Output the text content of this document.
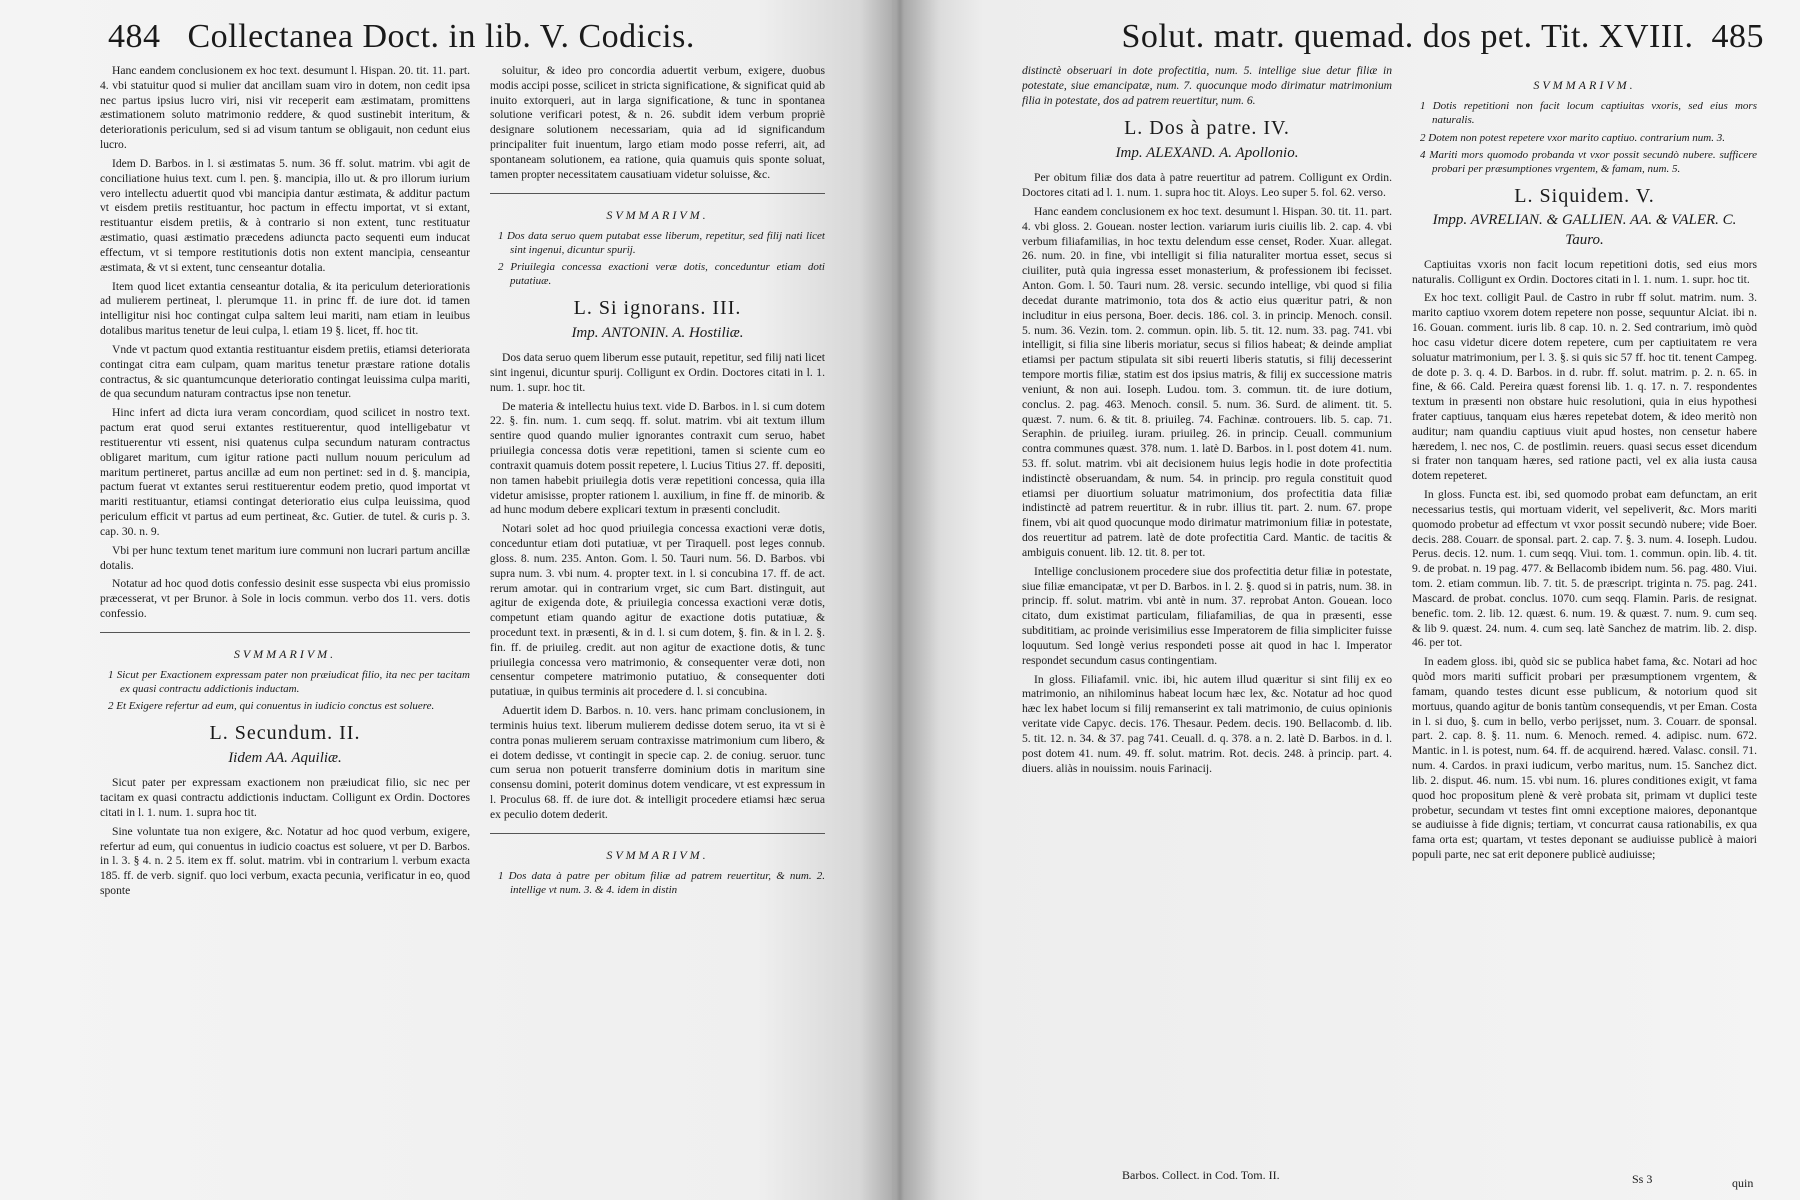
484 Collectanea Doct. in lib. V. Codicis.

Hanc eandem conclusionem ex hoc text. desumunt l. Hispan. 20. tit. 11. part. 4. vbi statuitur quod si mulier dat ancillam suam viro in dotem, non cedit ipsa nec partus ipsius lucro viri, nisi vir receperit eam æstimatam, promittens æstimationem soluto matrimonio reddere, & quod sustinebit interitum, & deteriorationis periculum, sed si ad visum tantum se obligauit, non cedunt eius lucro.

Idem D. Barbos. in l. si æstimatas 5. num. 36 ff. solut. matrim. vbi agit de conciliatione huius text. cum l. pen. §. mancipia, illo ut. & pro illorum iurium vero intellectu aduertit quod vbi mancipia dantur æstimata, & additur pactum vt eisdem pretiis restituantur, hoc pactum in effectu importat, vt si extant, restituantur eisdem pretiis, & à contrario si non extent, tunc restituatur æstimatio, quasi æstimatio præcedens adiuncta pacto sequenti eum inducat effectum, vt si tempore restitutionis dotis non extent mancipia, censeantur æstimata, & vt si extent, tunc censeantur dotalia.

Item quod licet extantia censeantur dotalia, & ita periculum deteriorationis ad mulierem pertineat, l. plerumque 11. in princ ff. de iure dot. id tamen intelligitur nisi hoc contingat culpa saltem leui mariti, nam etiam in leuibus dotalibus maritus tenetur de leui culpa, l. etiam 19 §. licet, ff. hoc tit.

Vnde vt pactum quod extantia restituantur eisdem pretiis, etiamsi deteriorata contingat citra eam culpam, quam maritus tenetur præstare ratione dotalis contractus, & sic quantumcunque deterioratio contingat leuissima culpa mariti, de qua secundum naturam contractus ipse non tenetur.

Hinc infert ad dicta iura veram concordiam, quod scilicet in nostro text. pactum erat quod serui extantes restituerentur, quod intelligebatur vt restituerentur vti essent, nisi quatenus culpa secundum naturam contractus obligaret maritum, cum igitur ratione pacti nullum nouum periculum ad maritum pertineret, partus ancillæ ad eum non pertinet: sed in d. §. mancipia, pactum fuerat vt extantes serui restituerentur eodem pretio, quod importat vt mariti restituantur, etiamsi contingat deterioratio eius culpa leuissima, quod periculum efficit vt partus ad eum pertineat, &c. Gutier. de tutel. & curis p. 3. cap. 30. n. 9.

Vbi per hunc textum tenet maritum iure communi non lucrari partum ancillæ dotalis.

Notatur ad hoc quod dotis confessio desinit esse suspecta vbi eius promissio præcesserat, vt per Brunor. à Sole in locis commun. verbo dos 11. vers. dotis confessio.

SVMMARIVM.
1 Sicut per Exactionem expressam pater non præiudicat filio, ita nec per tacitam ex quasi contractu addictionis inductam.
2 Et Exigere refertur ad eum, qui conuentus in iudicio conctus est soluere.
L. Secundum. II.
Iidem AA. Aquiliæ.

Sicut pater per expressam exactionem non præiudicat filio, sic nec per tacitam ex quasi contractu addictionis inductam. Colligunt ex Ordin. Doctores citati in l. 1. num. 1. supra hoc tit.

Sine voluntate tua non exigere, &c. Notatur ad hoc quod verbum, exigere, refertur ad eum, qui conuentus in iudicio coactus est soluere, vt per D. Barbos. in l. 3. § 4. n. 2 5. item ex ff. solut. matrim. vbi in contrarium l. verbum exacta 185. ff. de verb. signif. quo loci verbum, exacta pecunia, verificatur in eo, quod sponte

soluitur, & ideo pro concordia aduertit verbum, exigere, duobus modis accipi posse, scilicet in stricta significatione, & significat quid ab inuito extorqueri, aut in larga significatione, & tunc in spontanea solutione verificari potest, & n. 26. subdit idem verbum propriè designare solutionem necessariam, quia ad id significandum principaliter fuit inuentum, largo etiam modo posse referri, ait, ad spontaneam solutionem, ea ratione, quia quamuis quis sponte soluat, tamen propter necessitatem causatiuam videtur soluisse, &c.

SVMMARIVM.
1 Dos data seruo quem putabat esse liberum, repetitur, sed filij nati licet sint ingenui, dicuntur spurij.
2 Priuilegia concessa exactioni veræ dotis, conceduntur etiam doti putatiuæ.
L. Si ignorans. III.
Imp. ANTONIN. A. Hostiliæ.

Dos data seruo quem liberum esse putauit, repetitur, sed filij nati licet sint ingenui, dicuntur spurij. Colligunt ex Ordin. Doctores citati in l. 1. num. 1. supr. hoc tit.

De materia & intellectu huius text. vide D. Barbos. in l. si cum dotem 22. §. fin. num. 1. cum seqq. ff. solut. matrim. vbi ait textum illum sentire quod quando mulier ignorantes contraxit cum seruo, habet priuilegia concessa dotis veræ repetitioni, tamen si sciente cum eo contraxit quamuis dotem possit repetere, l. Lucius Titius 27. ff. depositi, non tamen habebit priuilegia dotis veræ repetitioni concessa, quia illa videtur amisisse, propter rationem l. auxilium, in fine ff. de minorib. & ad hunc modum debere explicari textum in præsenti concludit.

Notari solet ad hoc quod priuilegia concessa exactioni veræ dotis, conceduntur etiam doti putatiuæ, vt per Tiraquell. post leges connub. gloss. 8. num. 235. Anton. Gom. l. 50. Tauri num. 56. D. Barbos. vbi supra num. 3. vbi num. 4. propter text. in l. si concubina 17. ff. de act. rerum amotar. qui in contrarium vrget, sic cum Bart. distinguit, aut agitur de exigenda dote, & priuilegia concessa exactioni veræ dotis, competunt etiam quando agitur de exactione dotis putatiuæ, & procedunt text. in præsenti, & in d. l. si cum dotem, §. fin. & in l. 2. §. fin. ff. de priuileg. credit. aut non agitur de exactione dotis, & tunc priuilegia concessa vero matrimonio, & consequenter veræ doti, non censentur competere matrimonio putatiuo, & consequenter doti putatiuæ, in quibus terminis ait procedere d. l. si concubina.

Aduertit idem D. Barbos. n. 10. vers. hanc primam conclusionem, in terminis huius text. liberum mulierem dedisse dotem seruo, ita vt si è contra ponas mulierem seruam contraxisse matrimonium cum libero, & ei dotem dedisse, vt contingit in specie cap. 2. de coniug. seruor. tunc cum serua non potuerit transferre dominium dotis in maritum sine consensu domini, poterit dominus dotem vendicare, vt est expressum in l. Proculus 68. ff. de iure dot. & intelligit procedere etiamsi hæc serua ex peculio dotem dederit.

SVMMARIVM.
1 Dos data à patre per obitum filiæ ad patrem reuertitur, & num. 2. intellige vt num. 3. & 4. idem in distin
Solut. matr. quemad. dos pet. Tit. XVIII. 485

distinctè obseruari in dote profectitia, num. 5. intellige siue detur filiæ in potestate, siue emancipatæ, num. 7. quocunque modo dirimatur matrimonium filia in potestate, dos ad patrem reuertitur, num. 6.

L. Dos à patre. IV.
Imp. ALEXAND. A. Apollonio.

Per obitum filiæ dos data à patre reuertitur ad patrem. Colligunt ex Ordin. Doctores citati ad l. 1. num. 1. supra hoc tit. Aloys. Leo super 5. fol. 62. verso.

Hanc eandem conclusionem ex hoc text. desumunt l. Hispan. 30. tit. 11. part. 4. vbi gloss. 2. Gouean. noster lection. variarum iuris ciuilis lib. 2. cap. 4. vbi verbum filiafamilias, in hoc textu delendum esse censet, Roder. Xuar. allegat. 26. num. 20. in fine, vbi intelligit si filia naturaliter mortua esset, secus si ciuiliter, putà quia ingressa esset monasterium, & professionem ibi fecisset. Anton. Gom. l. 50. Tauri num. 28. versic. secundo intellige, vbi quod si filia decedat durante matrimonio, tota dos & actio eius quæritur patri, & non includitur in eius persona, Boer. decis. 186. col. 3. in princip. Menoch. consil. 5. num. 36. Vezin. tom. 2. commun. opin. lib. 5. tit. 12. num. 33. pag. 741. vbi intelligit, si filia sine liberis moriatur, secus si filios habeat; & deinde ampliat etiamsi per pactum stipulata sit sibi reuerti liberis statutis, si filij decesserint tempore mortis filiæ, statim est dos ipsius matris, & filij ex successione matris veniunt, & non aui. Ioseph. Ludou. tom. 3. commun. tit. de iure dotium, conclus. 2. pag. 463. Menoch. consil. 5. num. 36. Surd. de aliment. tit. 5. quæst. 7. num. 6. & tit. 8. priuileg. 74. Fachinæ. controuers. lib. 5. cap. 71. Seraphin. de priuileg. iuram. priuileg. 26. in princip. Ceuall. communium contra communes quæst. 378. num. 1. latè D. Barbos. in l. post dotem 41. num. 53. ff. solut. matrim. vbi ait decisionem huius legis hodie in dote profectitia indistinctè obseruandam, & num. 54. in princip. pro regula constituit quod etiamsi per diuortium soluatur matrimonium, dos profectitia data filiæ indistinctè ad patrem reuertitur. & in rubr. illius tit. part. 2. num. 67. prope finem, vbi ait quod quocunque modo dirimatur matrimonium filiæ in potestate, dos reuertitur ad patrem. latè de dote profectitia Card. Mantic. de tacitis & ambiguis conuent. lib. 12. tit. 8. per tot.

Intellige conclusionem procedere siue dos profectitia detur filiæ in potestate, siue filiæ emancipatæ, vt per D. Barbos. in l. 2. §. quod si in patris, num. 38. in princip. ff. solut. matrim. vbi antè in num. 37. reprobat Anton. Gouean. loco citato, dum existimat particulam, filiafamilias, de qua in præsenti, esse subdititiam, ac proinde verisimilius esse Imperatorem de filia simpliciter fuisse loquutum. Sed longè verius respondeti posse ait quod in hac l. Imperator respondet secundum casus contingentiam.

In gloss. Filiafamil. vnic. ibi, hic autem illud quæritur si sint filij ex eo matrimonio, an nihilominus habeat locum hæc lex, &c. Notatur ad hoc quod hæc lex habet locum si filij remanserint ex tali matrimonio, de cuius opinionis veritate vide Capyc. decis. 176. Thesaur. Pedem. decis. 190. Bellacomb. d. lib. 5. tit. 12. n. 34. & 37. pag 741. Ceuall. d. q. 378. a n. 2. latè D. Barbos. in d. l. post dotem 41. num. 49. ff. solut. matrim. Rot. decis. 248. à princip. part. 4. diuers. aliàs in nouissim. nouis Farinacij.

SVMMARIVM.
1 Dotis repetitioni non facit locum captiuitas vxoris, sed eius mors naturalis.
2 Dotem non potest repetere vxor marito captiuo. contrarium num. 3.
4 Mariti mors quomodo probanda vt vxor possit secundò nubere. sufficere probari per præsumptiones vrgentem, & famam, num. 5.
L. Siquidem. V.
Impp. AVRELIAN. & GALLIEN. AA. & VALER. C. Tauro.

Captiuitas vxoris non facit locum repetitioni dotis, sed eius mors naturalis. Colligunt ex Ordin. Doctores citati in l. 1. num. 1. supr. hoc tit.

Ex hoc text. colligit Paul. de Castro in rubr ff solut. matrim. num. 3. marito captiuo vxorem dotem repetere non posse, sequuntur Alciat. ibi n. 16. Gouan. comment. iuris lib. 8 cap. 10. n. 2. Sed contrarium, imò quòd hoc casu videtur dicere dotem repetere, cum per captiuitatem re vera soluatur matrimonium, per l. 3. §. si quis sic 57 ff. hoc tit. tenent Campeg. de dote p. 3. q. 4. D. Barbos. in d. rubr. ff. solut. matrim. p. 2. n. 65. in fine, & 66. Cald. Pereira quæst forensi lib. 1. q. 17. n. 7. respondentes textum in præsenti non obstare huic resolutioni, quia in eius hypothesi frater captiuus, tanquam eius hæres repetebat dotem, & ideo meritò non auditur; nam quandiu captiuus viuit apud hostes, non censetur habere hæredem, l. nec nos, C. de postlimin. reuers. quasi secus esset dicendum si frater non tanquam hæres, sed ratione pacti, vel ex alia iusta causa dotem repeteret.

In gloss. Functa est. ibi, sed quomodo probat eam defunctam, an erit necessarius testis, qui mortuam viderit, vel sepeliverit, &c. Mors mariti quomodo probetur ad effectum vt vxor possit secundò nubere; vide Boer. decis. 288. Couarr. de sponsal. part. 2. cap. 7. §. 3. num. 4. Ioseph. Ludou. Perus. decis. 12. num. 1. cum seqq. Viui. tom. 1. commun. opin. lib. 4. tit. 9. de probat. n. 19 pag. 477. & Bellacomb ibidem num. 56. pag. 480. Viui. tom. 2. etiam commun. lib. 7. tit. 5. de præscript. triginta n. 75. pag. 241. Mascard. de probat. conclus. 1070. cum seqq. Flamin. Paris. de resignat. benefic. tom. 2. lib. 12. quæst. 6. num. 19. & quæst. 7. num. 9. cum seq. & lib 9. quæst. 24. num. 4. cum seq. latè Sanchez de matrim. lib. 2. disp. 46. per tot.

In eadem gloss. ibi, quòd sic se publica habet fama, &c. Notari ad hoc quòd mors mariti sufficit probari per præsumptionem vrgentem, & famam, quando testes dicunt esse publicum, & notorium quod sit mortuus, quando agitur de bonis tantùm consequendis, vt per Eman. Costa in l. si duo, §. cum in bello, verbo perijsset, num. 3. Couarr. de sponsal. part. 2. cap. 8. §. 11. num. 6. Menoch. remed. 4. adipisc. num. 672. Mantic. in l. is potest, num. 64. ff. de acquirend. hæred. Valasc. consil. 71. num. 4. Cardos. in praxi iudicum, verbo maritus, num. 15. Sanchez dict. lib. 2. disput. 46. num. 15. vbi num. 16. plures conditiones exigit, vt fama quod hoc propositum plenè & verè probata sit, primam vt duplici teste probetur, secundam vt testes fint omni exceptione maiores, deponantque se audiuisse à fide dignis; tertiam, vt concurrat causa rationabilis, ex qua fama orta est; quartam, vt testes deponant se audiuisse publicè à maiori populi parte, nec sat erit deponere publicè audiuisse;

Barbos. Collect. in Cod. Tom. II.	Ss 3	quin
